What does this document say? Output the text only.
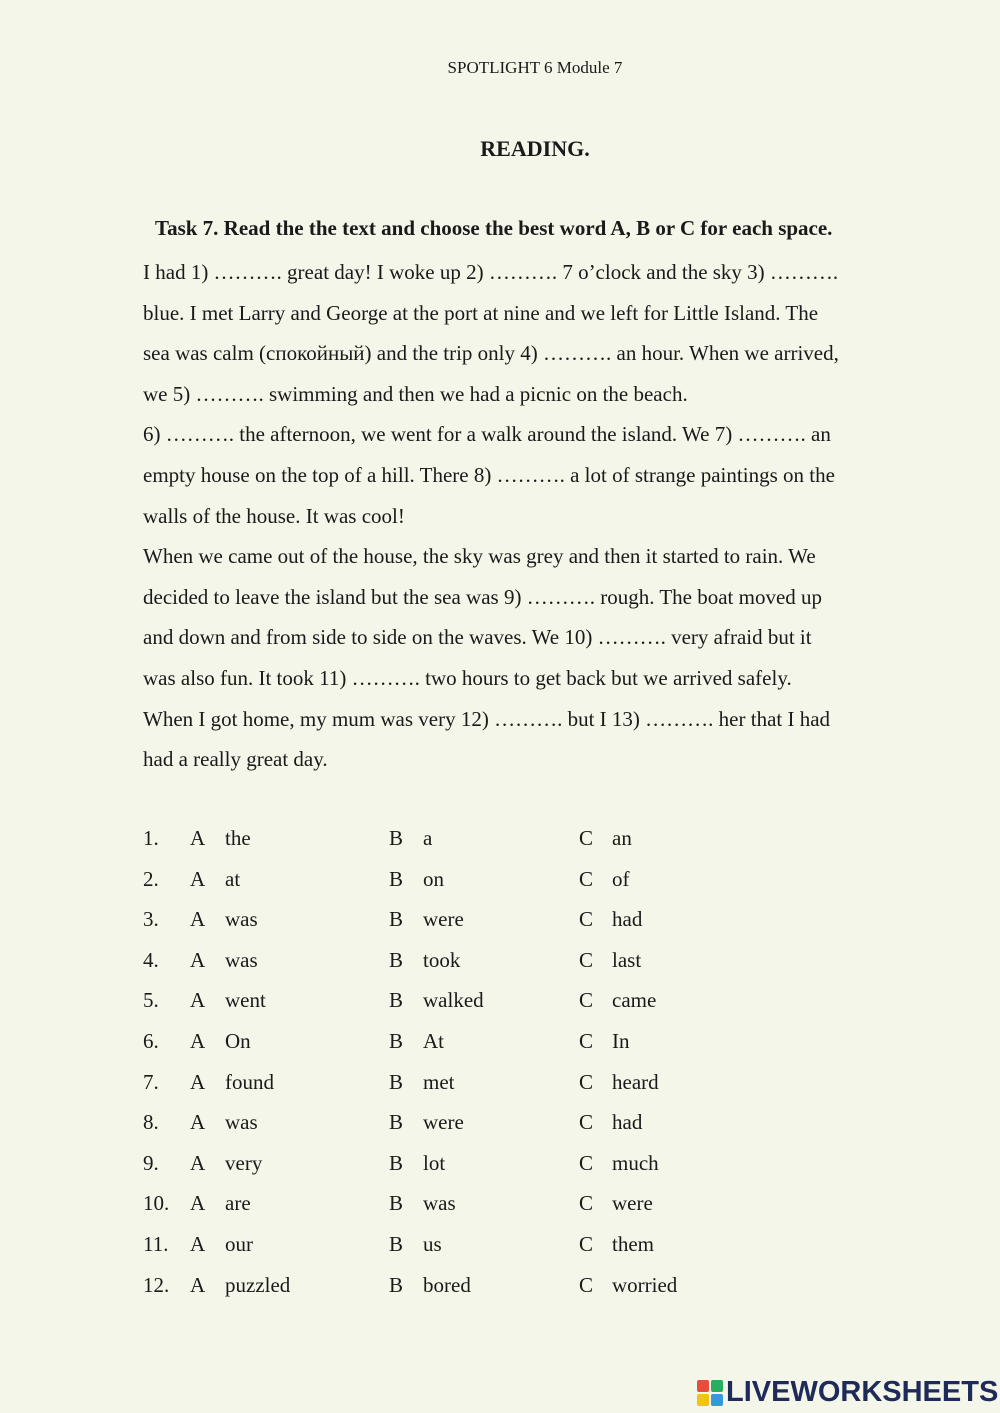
SPOTLIGHT 6 Module 7
READING.
Task 7. Read the the text and choose the best word A, B or C for each space.
I had 1) ………. great day! I woke up 2) ………. 7 o’clock and the sky 3) ……….
blue. I met Larry and George at the port at nine and we left for Little Island. The
sea was calm (спокойный) and the trip only 4) ………. an hour. When we arrived,
we 5) ………. swimming and then we had a picnic on the beach.
6) ………. the afternoon, we went for a walk around the island. We 7) ………. an
empty house on the top of a hill. There 8) ………. a lot of strange paintings on the
walls of the house. It was cool!
When we came out of the house, the sky was grey and then it started to rain. We
decided to leave the island but the sea was 9) ………. rough. The boat moved up
and down and from side to side on the waves. We 10) ………. very afraid but it
was also fun. It took 11) ………. two hours to get back but we arrived safely.
When I got home, my mum was very 12) ………. but I 13) ………. her that I had
had a really great day.
1. A the	B a	C an
2. A at	B on	C of
3. A was	B were	C had
4. A was	B took	C last
5. A went	B walked	C came
6. A On	B At	C In
7. A found	B met	C heard
8. A was	B were	C had
9. A very	B lot	C much
10. A are	B was	C were
11. A our	B us	C them
12. A puzzled	B bored	C worried
LIVEWORKSHEETS
